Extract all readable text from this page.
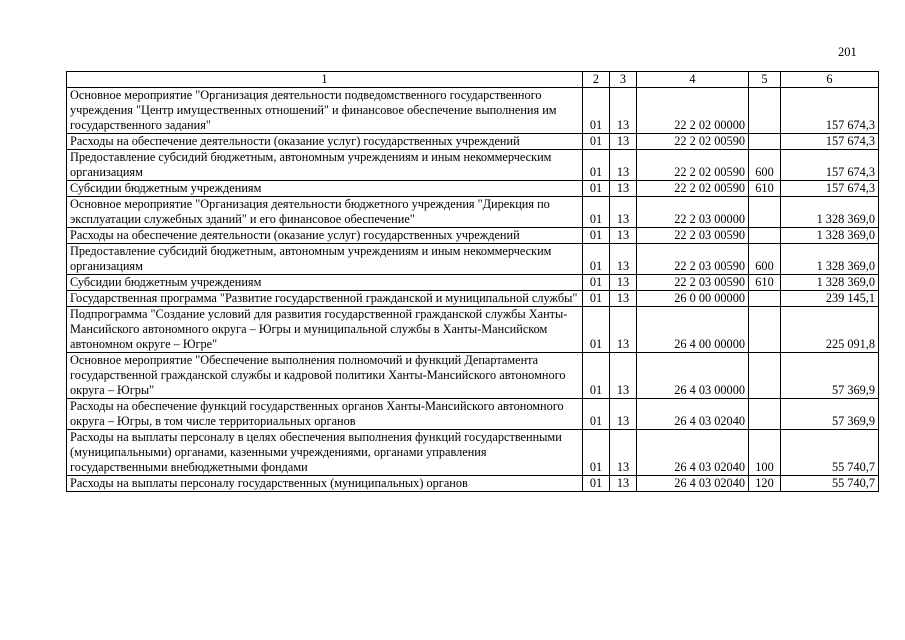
201
1	2	3	4	5	6
Основное мероприятие "Организация деятельности подведомственного государственного учреждения "Центр имущественных отношений" и финансовое обеспечение выполнения им государственного задания"	01	13	22 2 02 00000		157 674,3
Расходы на обеспечение деятельности (оказание услуг) государственных учреждений	01	13	22 2 02 00590		157 674,3
Предоставление субсидий бюджетным, автономным учреждениям и иным некоммерческим организациям	01	13	22 2 02 00590	600	157 674,3
Субсидии бюджетным учреждениям	01	13	22 2 02 00590	610	157 674,3
Основное мероприятие "Организация деятельности бюджетного учреждения "Дирекция по эксплуатации служебных зданий" и его финансовое обеспечение"	01	13	22 2 03 00000		1 328 369,0
Расходы на обеспечение деятельности (оказание услуг) государственных учреждений	01	13	22 2 03 00590		1 328 369,0
Предоставление субсидий бюджетным, автономным учреждениям и иным некоммерческим организациям	01	13	22 2 03 00590	600	1 328 369,0
Субсидии бюджетным учреждениям	01	13	22 2 03 00590	610	1 328 369,0
Государственная программа "Развитие государственной гражданской и муниципальной службы"	01	13	26 0 00 00000		239 145,1
Подпрограмма "Создание условий для развития государственной гражданской службы Ханты-Мансийского автономного округа – Югры и муниципальной службы в Ханты-Мансийском автономном округе – Югре"	01	13	26 4 00 00000		225 091,8
Основное мероприятие "Обеспечение выполнения полномочий и функций Департамента государственной гражданской службы и кадровой политики Ханты-Мансийского автономного округа – Югры"	01	13	26 4 03 00000		57 369,9
Расходы на обеспечение функций государственных органов Ханты-Мансийского автономного округа – Югры, в том числе территориальных органов	01	13	26 4 03 02040		57 369,9
Расходы на выплаты персоналу в целях обеспечения выполнения функций государственными (муниципальными) органами, казенными учреждениями, органами управления государственными внебюджетными фондами	01	13	26 4 03 02040	100	55 740,7
Расходы на выплаты персоналу государственных (муниципальных) органов	01	13	26 4 03 02040	120	55 740,7
